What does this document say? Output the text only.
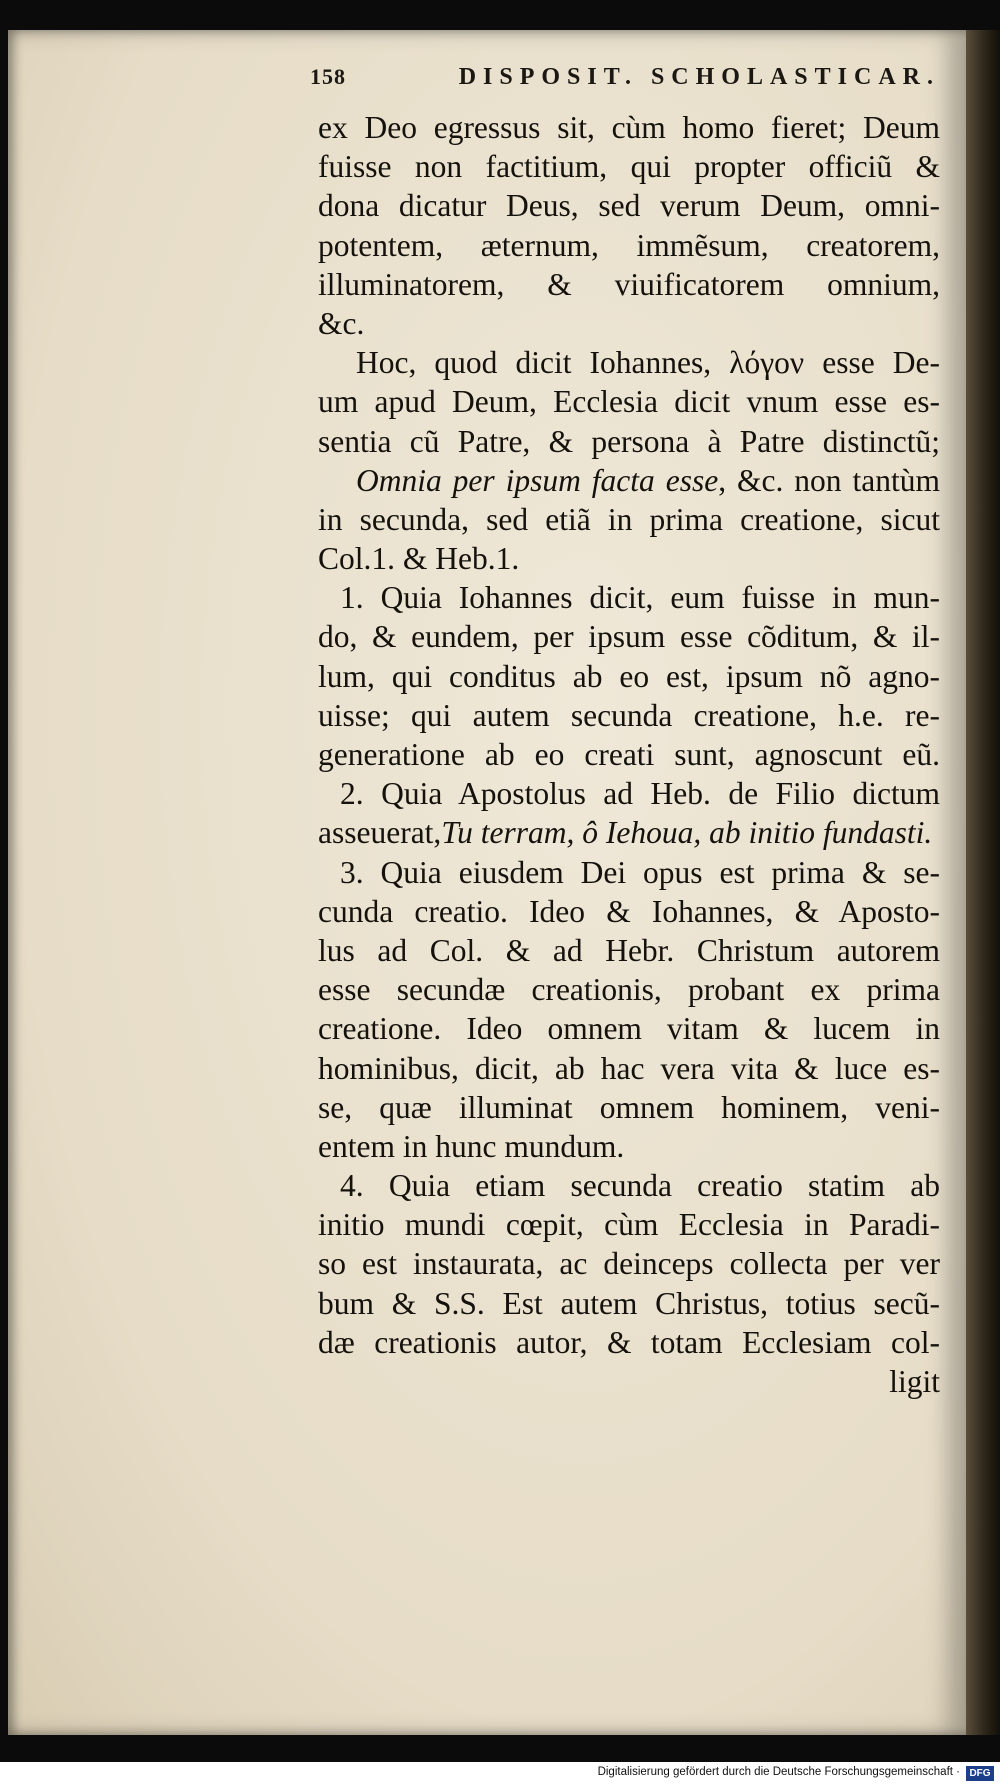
158	DISPOSIT. SCHOLASTICAR.
ex Deo egressus sit, cùm homo fieret; Deum
fuisse non factitium, qui propter officiũ &
dona dicatur Deus, sed verum Deum, omni-
potentem, æternum, immẽsum, creatorem,
illuminatorem, & viuificatorem omnium,
&c.
Hoc, quod dicit Iohannes, λόγον esse De-
um apud Deum, Ecclesia dicit vnum esse es-
sentia cũ Patre, & persona à Patre distinctũ;
Omnia per ipsum facta esse, &c. non tantùm
in secunda, sed etiã in prima creatione, sicut
Col.1. & Heb.1.
1. Quia Iohannes dicit, eum fuisse in mun-
do, & eundem, per ipsum esse cõditum, & il-
lum, qui conditus ab eo est, ipsum nõ agno-
uisse; qui autem secunda creatione, h.e. re-
generatione ab eo creati sunt, agnoscunt eũ.
2. Quia Apostolus ad Heb. de Filio dictum
asseuerat,Tu terram, ô Iehoua, ab initio fundasti.
3. Quia eiusdem Dei opus est prima & se-
cunda creatio. Ideo & Iohannes, & Aposto-
lus ad Col. & ad Hebr. Christum autorem
esse secundæ creationis, probant ex prima
creatione. Ideo omnem vitam & lucem in
hominibus, dicit, ab hac vera vita & luce es-
se, quæ illuminat omnem hominem, veni-
entem in hunc mundum.
4. Quia etiam secunda creatio statim ab
initio mundi cœpit, cùm Ecclesia in Paradi-
so est instaurata, ac deinceps collecta per ver
bum & S.S. Est autem Christus, totius secũ-
dæ creationis autor, & totam Ecclesiam col-
ligit
Digitalisierung gefördert durch die Deutsche Forschungsgemeinschaft · DFG
